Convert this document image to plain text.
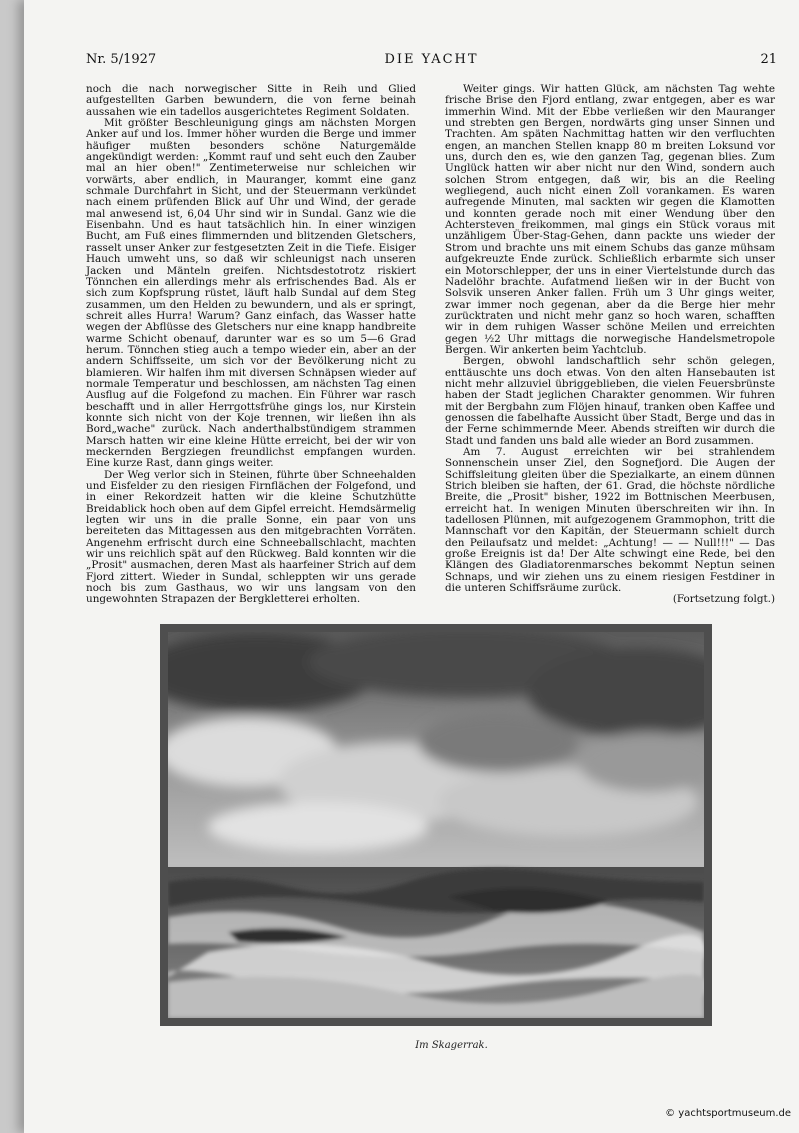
Nr. 5/1927	DIE YACHT	21

noch die nach norwegischer Sitte in Reih und Glied aufgestellten Garben bewundern, die von ferne beinah aussahen wie ein tadellos ausgerichtetes Regiment Soldaten.

Mit größter Beschleunigung gings am nächsten Morgen Anker auf und los. Immer höher wurden die Berge und immer häufiger mußten besonders schöne Naturgemälde angekündigt werden: „Kommt rauf und seht euch den Zauber mal an hier oben!" Zentimeterweise nur schleichen wir vorwärts, aber endlich, in Mauranger, kommt eine ganz schmale Durchfahrt in Sicht, und der Steuermann verkündet nach einem prüfenden Blick auf Uhr und Wind, der gerade mal anwesend ist, 6,04 Uhr sind wir in Sundal. Ganz wie die Eisenbahn. Und es haut tatsächlich hin. In einer winzigen Bucht, am Fuß eines flimmernden und blitzenden Gletschers, rasselt unser Anker zur festgesetzten Zeit in die Tiefe. Eisiger Hauch umweht uns, so daß wir schleunigst nach unseren Jacken und Mänteln greifen. Nichtsdestotrotz riskiert Tönnchen ein allerdings mehr als erfrischendes Bad. Als er sich zum Kopfsprung rüstet, läuft halb Sundal auf dem Steg zusammen, um den Helden zu bewundern, und als er springt, schreit alles Hurra! Warum? Ganz einfach, das Wasser hatte wegen der Abflüsse des Gletschers nur eine knapp handbreite warme Schicht obenauf, darunter war es so um 5—6 Grad herum. Tönnchen stieg auch a tempo wieder ein, aber an der andern Schiffsseite, um sich vor der Bevölkerung nicht zu blamieren. Wir halfen ihm mit diversen Schnäpsen wieder auf normale Temperatur und beschlossen, am nächsten Tag einen Ausflug auf die Folgefond zu machen. Ein Führer war rasch beschafft und in aller Herrgottsfrühe gings los, nur Kirstein konnte sich nicht von der Koje trennen, wir ließen ihn als Bord„wache" zurück. Nach anderthalbstündigem strammen Marsch hatten wir eine kleine Hütte erreicht, bei der wir von meckernden Bergziegen freundlichst empfangen wurden. Eine kurze Rast, dann gings weiter.

Der Weg verlor sich in Steinen, führte über Schneehalden und Eisfelder zu den riesigen Firnflächen der Folgefond, und in einer Rekordzeit hatten wir die kleine Schutzhütte Breidablick hoch oben auf dem Gipfel erreicht. Hemdsärmelig legten wir uns in die pralle Sonne, ein paar von uns bereiteten das Mittagessen aus den mitgebrachten Vorräten. Angenehm erfrischt durch eine Schneeballschlacht, machten wir uns reichlich spät auf den Rückweg. Bald konnten wir die „Prosit" ausmachen, deren Mast als haarfeiner Strich auf dem Fjord zittert. Wieder in Sundal, schleppten wir uns gerade noch bis zum Gasthaus, wo wir uns langsam von den ungewohnten Strapazen der Bergkletterei erholten.

Weiter gings. Wir hatten Glück, am nächsten Tag wehte frische Brise den Fjord entlang, zwar entgegen, aber es war immerhin Wind. Mit der Ebbe verließen wir den Mauranger und strebten gen Bergen, nordwärts ging unser Sinnen und Trachten. Am späten Nachmittag hatten wir den verfluchten engen, an manchen Stellen knapp 80 m breiten Loksund vor uns, durch den es, wie den ganzen Tag, gegenan blies. Zum Unglück hatten wir aber nicht nur den Wind, sondern auch solchen Strom entgegen, daß wir, bis an die Reeling wegliegend, auch nicht einen Zoll vorankamen. Es waren aufregende Minuten, mal sackten wir gegen die Klamotten und konnten gerade noch mit einer Wendung über den Achtersteven freikommen, mal gings ein Stück voraus mit unzähligem Über-Stag-Gehen, dann packte uns wieder der Strom und brachte uns mit einem Schubs das ganze mühsam aufgekreuzte Ende zurück. Schließlich erbarmte sich unser ein Motorschlepper, der uns in einer Viertelstunde durch das Nadelöhr brachte. Aufatmend ließen wir in der Bucht von Solsvik unseren Anker fallen. Früh um 3 Uhr gings weiter, zwar immer noch gegenan, aber da die Berge hier mehr zurücktraten und nicht mehr ganz so hoch waren, schafften wir in dem ruhigen Wasser schöne Meilen und erreichten gegen ½2 Uhr mittags die norwegische Handelsmetropole Bergen. Wir ankerten beim Yachtclub.

Bergen, obwohl landschaftlich sehr schön gelegen, enttäuschte uns doch etwas. Von den alten Hansebauten ist nicht mehr allzuviel übriggeblieben, die vielen Feuersbrünste haben der Stadt jeglichen Charakter genommen. Wir fuhren mit der Bergbahn zum Flöjen hinauf, tranken oben Kaffee und genossen die fabelhafte Aussicht über Stadt, Berge und das in der Ferne schimmernde Meer. Abends streiften wir durch die Stadt und fanden uns bald alle wieder an Bord zusammen.

Am 7. August erreichten wir bei strahlendem Sonnenschein unser Ziel, den Sognefjord. Die Augen der Schiffsleitung gleiten über die Spezialkarte, an einem dünnen Strich bleiben sie haften, der 61. Grad, die höchste nördliche Breite, die „Prosit" bisher, 1922 im Bottnischen Meerbusen, erreicht hat. In wenigen Minuten überschreiten wir ihn. In tadellosen Plünnen, mit aufgezogenem Grammophon, tritt die Mannschaft vor den Kapitän, der Steuermann schielt durch den Peilaufsatz und meldet: „Achtung! — — Null!!!" — Das große Ereignis ist da! Der Alte schwingt eine Rede, bei den Klängen des Gladiatorenmarsches bekommt Neptun seinen Schnaps, und wir ziehen uns zu einem riesigen Festdiner in die unteren Schiffsräume zurück.

(Fortsetzung folgt.)

Im Skagerrak.
© yachtsportmuseum.de
